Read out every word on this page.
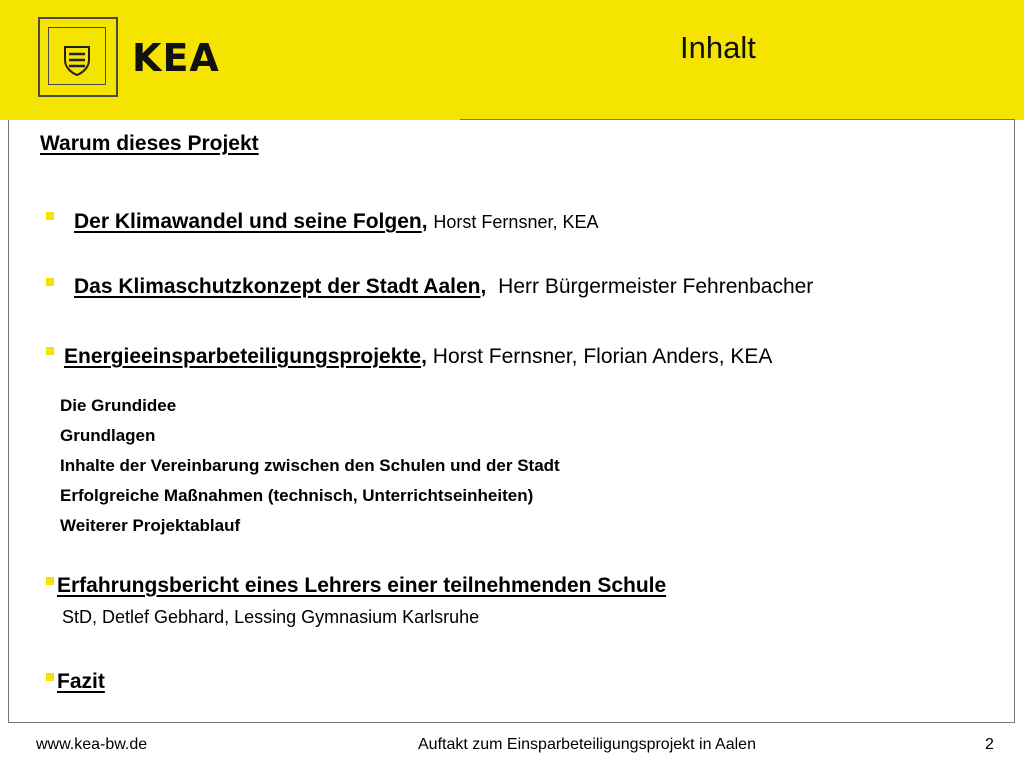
KEA	Inhalt
Warum dieses Projekt
Der Klimawandel und seine Folgen, Horst Fernsner, KEA
Das Klimaschutzkonzept der Stadt Aalen, Herr Bürgermeister Fehrenbacher
Energieeinsparbeteiligungsprojekte, Horst Fernsner, Florian Anders, KEA
Die Grundidee
Grundlagen
Inhalte der Vereinbarung zwischen den Schulen und der Stadt
Erfolgreiche Maßnahmen (technisch, Unterrichtseinheiten)
Weiterer Projektablauf
Erfahrungsbericht eines Lehrers einer teilnehmenden Schule
StD, Detlef Gebhard, Lessing Gymnasium Karlsruhe
Fazit
www.kea-bw.de	Auftakt zum Einsparbeteiligungsprojekt in Aalen	2
